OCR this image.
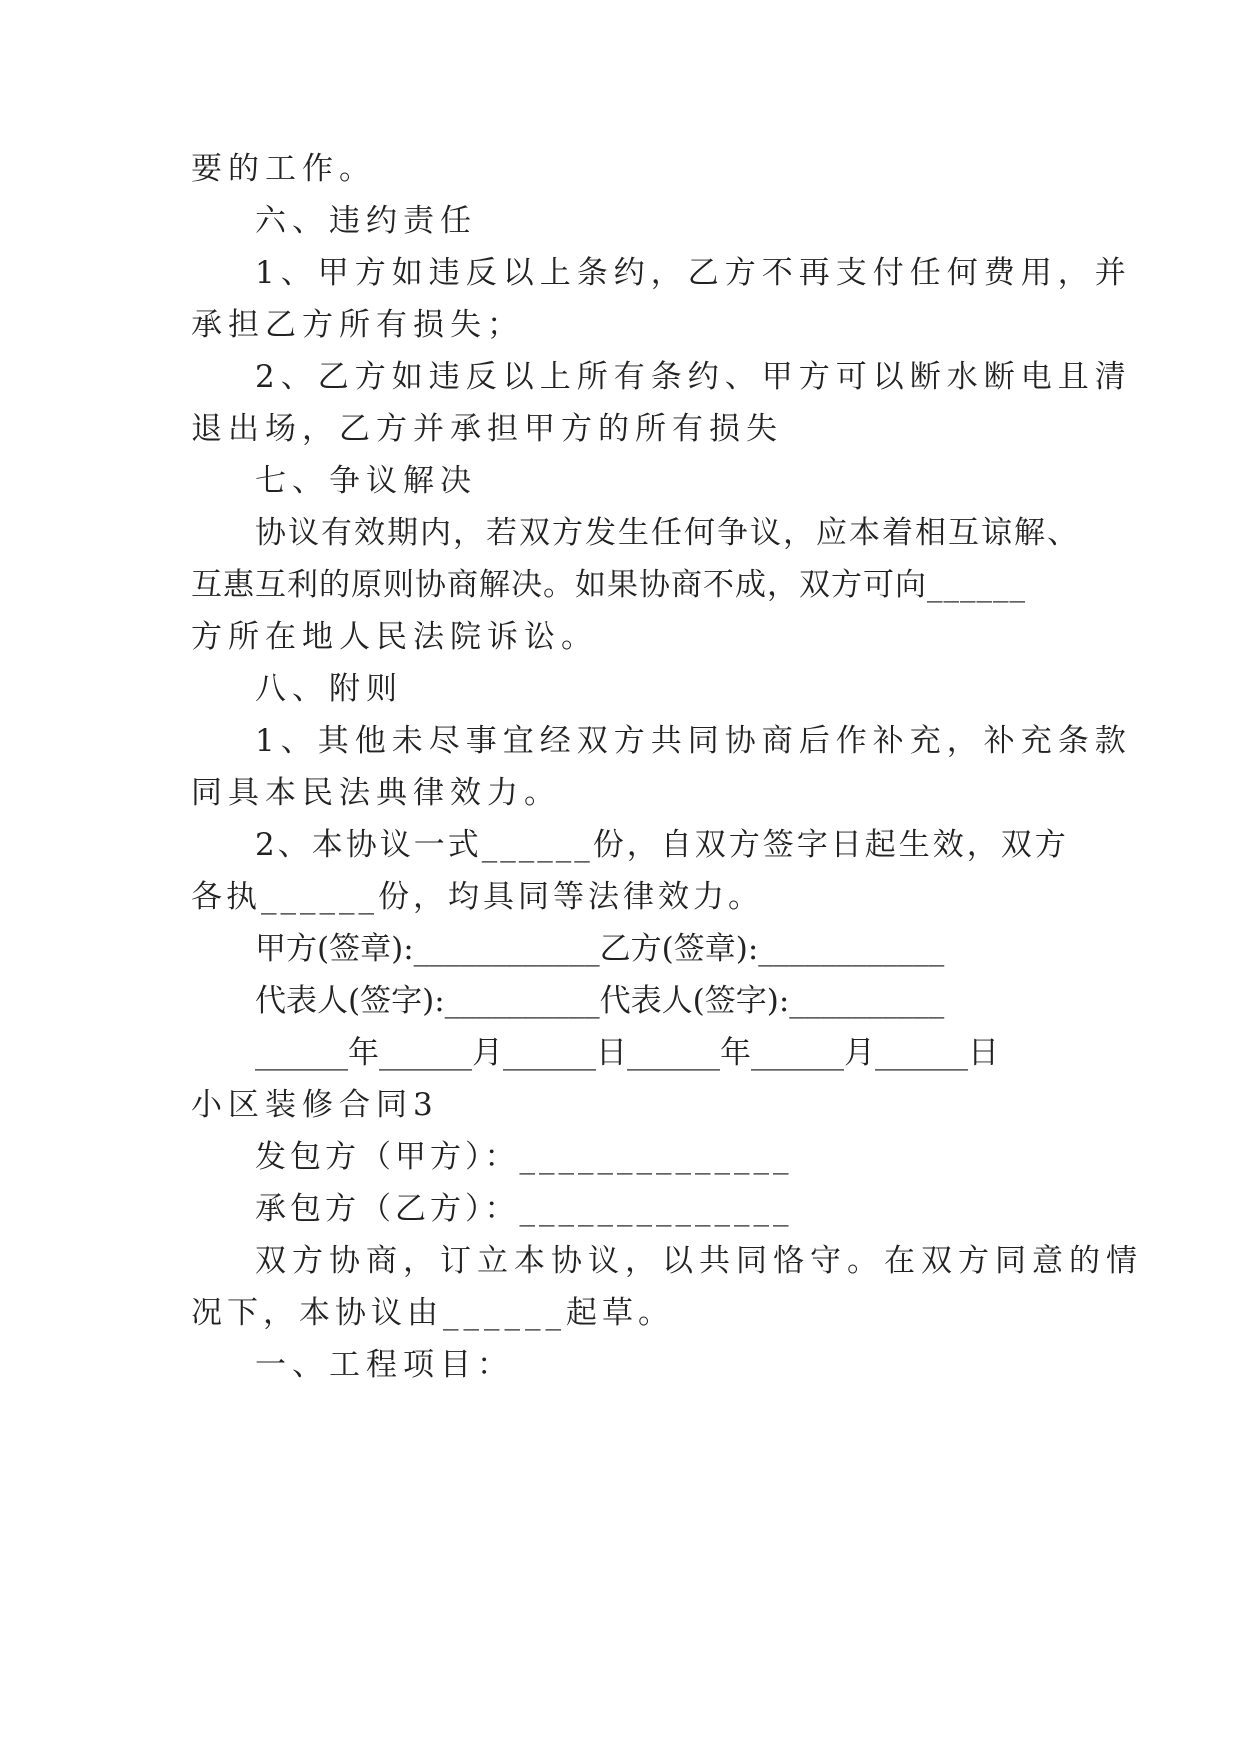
要的工作。
六、违约责任
1、甲方如违反以上条约，乙方不再支付任何费用，并
承担乙方所有损失；
2、乙方如违反以上所有条约、甲方可以断水断电且清
退出场，乙方并承担甲方的所有损失
七、争议解决
协议有效期内，若双方发生任何争议，应本着相互谅解、
互惠互利的原则协商解决。如果协商不成，双方可向______
方所在地人民法院诉讼。
八、附则
1、其他未尽事宜经双方共同协商后作补充，补充条款
同具本民法典律效力。
2、本协议一式______份，自双方签字日起生效，双方
各执______份，均具同等法律效力。
甲方(签章):____________乙方(签章):____________
代表人(签字):__________代表人(签字):__________
______年______月______日______年______月______日
小区装修合同3
发包方（甲方）：______________
承包方（乙方）：______________
双方协商，订立本协议，以共同恪守。在双方同意的情
况下，本协议由______起草。
一、工程项目：
